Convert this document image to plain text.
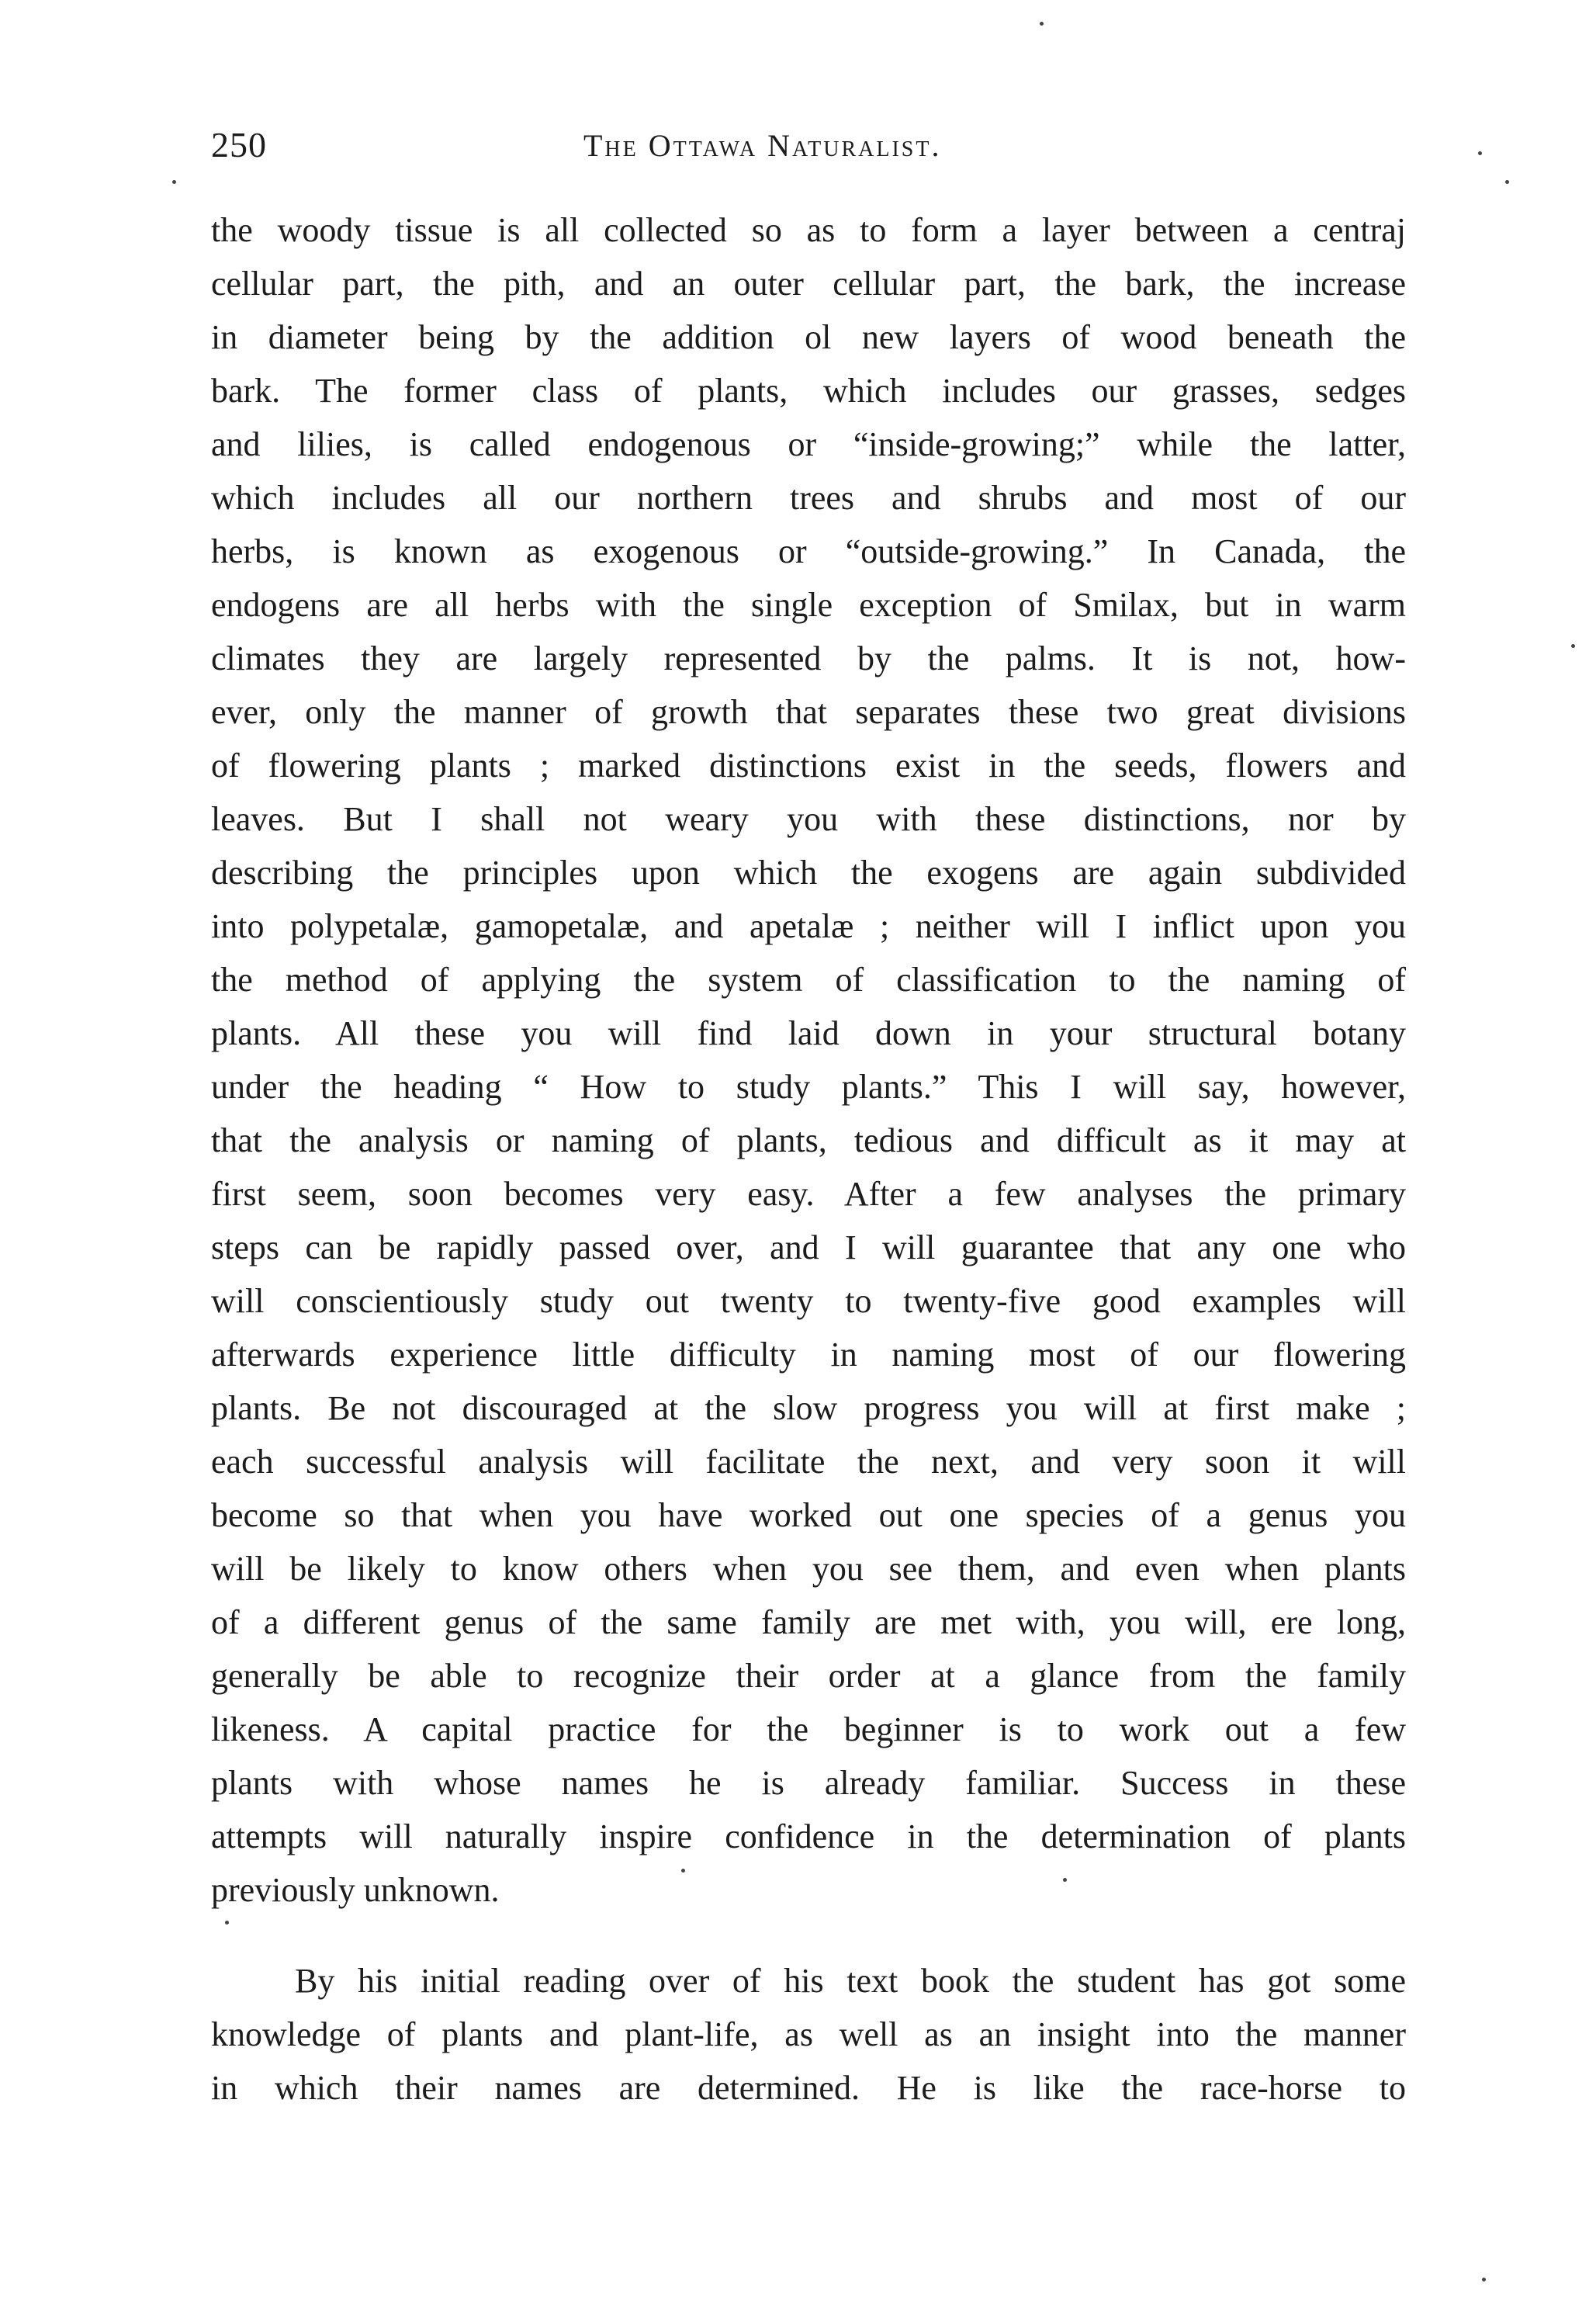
250	The Ottawa Naturalist.
the woody tissue is all collected so as to form a layer between a centraj
cellular part, the pith, and an outer cellular part, the bark, the increase
in diameter being by the addition ol new layers of wood beneath the
bark. The former class of plants, which includes our grasses, sedges
and lilies, is called endogenous or “inside-growing;” while the latter,
which includes all our northern trees and shrubs and most of our
herbs, is known as exogenous or “outside-growing.” In Canada, the
endogens are all herbs with the single exception of Smilax, but in warm
climates they are largely represented by the palms. It is not, how-
ever, only the manner of growth that separates these two great divisions
of flowering plants ; marked distinctions exist in the seeds, flowers and
leaves. But I shall not weary you with these distinctions, nor by
describing the principles upon which the exogens are again subdivided
into polypetalæ, gamopetalæ, and apetalæ ; neither will I inflict upon you
the method of applying the system of classification to the naming of
plants. All these you will find laid down in your structural botany
under the heading “ How to study plants.” This I will say, however,
that the analysis or naming of plants, tedious and difficult as it may at
first seem, soon becomes very easy. After a few analyses the primary
steps can be rapidly passed over, and I will guarantee that any one who
will conscientiously study out twenty to twenty-five good examples will
afterwards experience little difficulty in naming most of our flowering
plants. Be not discouraged at the slow progress you will at first make ;
each successful analysis will facilitate the next, and very soon it will
become so that when you have worked out one species of a genus you
will be likely to know others when you see them, and even when plants
of a different genus of the same family are met with, you will, ere long,
generally be able to recognize their order at a glance from the family
likeness. A capital practice for the beginner is to work out a few
plants with whose names he is already familiar. Success in these
attempts will naturally inspire confidence in the determination of plants
previously unknown.
By his initial reading over of his text book the student has got some
knowledge of plants and plant-life, as well as an insight into the manner
in which their names are determined. He is like the race-horse to
